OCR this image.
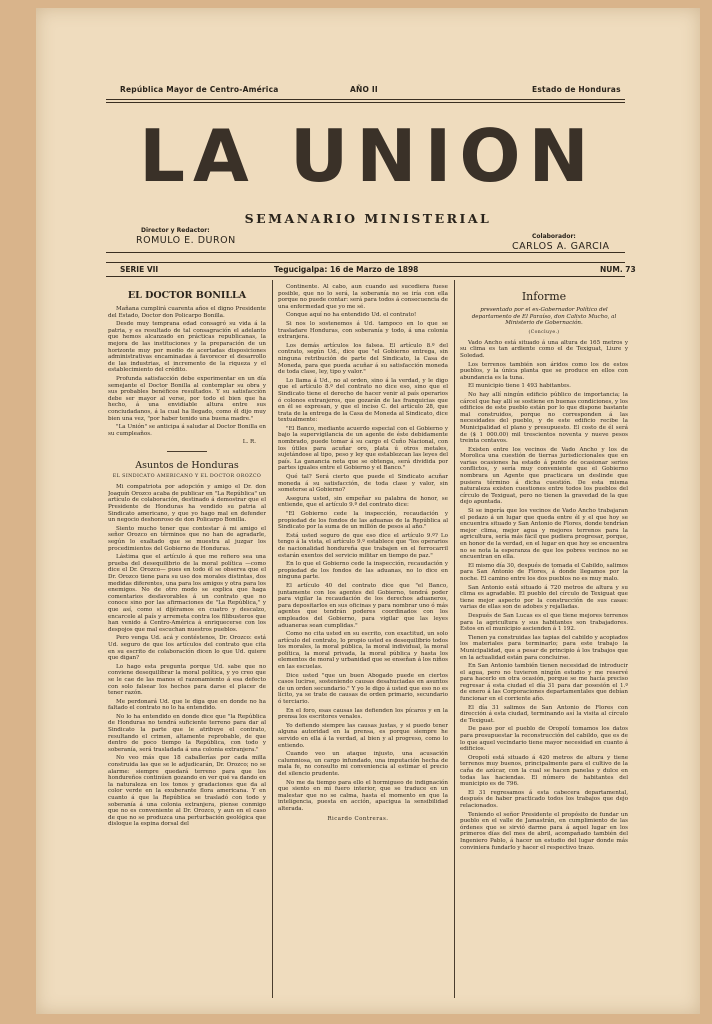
República Mayor de Centro-América	AÑO II	Estado de Honduras
LA UNION
SEMANARIO MINISTERIAL
Director y Redactor:
ROMULO E. DURON	Colaborador:
CARLOS A. GARCIA
SERIE VII	Tegucigalpa: 16 de Marzo de 1898	NUM. 73
EL DOCTOR BONILLA

Mañana cumplirá cuarenta años el digno Presidente del Estado, Doctor don Policarpo Bonilla.

Desde muy temprana edad consagró su vida á la patria, y es resultado de tal consagración el adelanto que hemos alcanzado en prácticas republicanas, la mejora de las instituciones y la preparación de un horizonte muy por medio de acertadas disposiciones administrativas encaminadas á favorecer el desarrollo de las industrias, el incremento de la riqueza y el establecimiento del crédito.

Profunda satisfacción debe experimentar en un día semejante el Doctor Bonilla al contemplar su obra y sus probables benéficos resultados. Y su satisfacción debe ser mayor al verse, por todo el bien que ha hecho, á una envidiable altura entre sus conciudadanos, á la cual ha llegado, como él dijo muy bien una vez, "por haber tenido una buena madre."

"La Unión" se anticipa á saludar al Doctor Bonilla en su cumpleaños.

L. R.
Asuntos de Honduras
EL SINDICATO AMERICANO Y EL DOCTOR OROZCO

Mi compatriota por adopción y amigo el Dr. don Joaquín Orozco acaba de publicar en "La República" un artículo de colaboración, destinado á demostrar que el Presidente de Honduras ha vendido su patria al Sindicato americano, y que yo hago mal en defender un negocio deshonroso de don Policarpo Bonilla.

Siento mucho tener que contestar á mi amigo el señor Orozco en términos que no han de agradarle, según lo exaltado que se muestra al juzgar los procedimientos del Gobierno de Honduras.

Lástima que el artículo á que me refiero sea una prueba del desequilibrio de la moral política —como dice el Dr. Orozco— pues en todo él se observa que el Dr. Orozco tiene para su uso dos morales distintas, dos medidas diferentes, una para los amigos y otra para los enemigos. No de otro modo se explica que haga comentarios desfavorables á un contrato que no conoce sino por las afirmaciones de "La República," y que así, como si dijéramos en cuatro y descalzo, encarcele al país y arremeta contra los filibusteros que han venido á Centro-América á enriquecerse con los despojos que mal escuchan nuestros pueblos.

Pero venga Ud. acá y contéstenos, Dr. Orozco: está Ud. seguro de que los artículos del contrato que cita en su escrito de colaboración dicen lo que Ud. quiere que digan?

Lo hago esta pregunta porque Ud. sabe que no conviene desequilibrar la moral política, y yo creo que se le cae de las manos el razonamiento á esa defecto con solo falsear los hechos para darse el placer de tener razón.

Me perdonará Ud. que le diga que en donde no ha faltado el contrato no lo ha entendido.

No lo ha entendido en donde dice que "la República de Honduras no tendrá suficiente terreno para dar al Sindicato la parte que le atribuye el contrato, resultando el crimen, altamente reprobable, de que dentro de poco tiempo la República, con todo y soberanía, será trasladada á una colonia extranjera."

No veo más que 18 caballerías por cada milla construida las que se le adjudicarán, Dr. Orozco; no se alarme: siempre quedará terreno para que los hondureños continúen gozando en ver qué va dando en la naturaleza en los tonos y gradaciones que da al color verde en la exuberante flora americana. Y en cuanto á que la República se trasladó con todo y soberanía á una colonia extranjera, piense conmigo que no es conveniente al Dr. Orozco, y aun en el caso de que no se produzca una perturbación geológica que disloque la espina dorsal del

Continente. Al cabo, aun cuando así sucediera fuese posible, que no lo será, la soberanía no se iría con ella porque no puede contar: será para todos á consecuencia de una enfermedad que yo me sé.

Conque aquí no ha entendido Ud. el contrato!

Si nos lo sostenemos á Ud. tampoco en lo que se trasladare Honduras, con soberanía y todo, á una colonia extranjera.

Los demás artículos los falsea. El artículo 8.º del contrato, según Ud., dice que "el Gobierno entrega, sin ninguna retribución de parte del Sindicato, la Casa de Moneda, para que pueda acuñar á su satisfacción moneda de toda clase, ley, tipo y valor."

Lo llama á Ud., no al orden, sino á la verdad, y le digo que el artículo 8.º del contrato no dice eso, sino que el Sindicato tiene el derecho de hacer venir al país operarios ó colonos extranjeros, que gozarán de las franquicias que en él se expresan, y que el inciso C. del artículo 28, que trata de la entrega de la Casa de Moneda al Sindicato, dice textualmente:

"El Banco, mediante acuerdo especial con el Gobierno y bajo la supervigilancia de un agente de éste debidamente nombrado, puede tomar á su cargo el Cuño Nacional, con los útiles para acuñar oro, plata ú otros metales, sujetándose al tipo, peso y ley que establezcan las leyes del país. La ganancia neta que se obtenga, será dividida por partes iguales entre el Gobierno y el Banco."

Qué tal? Será cierto que puede el Sindicato acuñar moneda á su satisfacción, de toda clase y valor, sin someterse al Gobierno?

Asegura usted, sin empeñar su palabra de honor, se entiende, que el artículo 9.º del contrato dice:

"El Gobierno cede la inspección, recaudación y propiedad de los fondos de las aduanas de la República al Sindicato por la suma de un millón de pesos al año."

Está usted seguro de que eso dice el artículo 9.º? Lo tengo á la vista, el artículo 9.º establece que "los operarios de nacionalidad hondureña que trabajen en el ferrocarril estarán exentos del servicio militar en tiempo de paz."

En lo que el Gobierno cede la inspección, recaudación y propiedad de los fondos de las aduanas, no lo dice en ninguna parte.

El artículo 40 del contrato dice que "el Banco, juntamente con los agentes del Gobierno, tendrá poder para vigilar la recaudación de los derechos aduaneros, para depositarlos en sus oficinas y para nombrar uno ó más agentes que tendrán poderes coordinados con los empleados del Gobierno, para vigilar que las leyes aduaneras sean cumplidas."

Como no cita usted en su escrito, con exactitud, un solo artículo del contrato, lo propio usted es desequilibrio todos los morales, la moral pública, la moral individual, la moral política, la moral privada, la moral pública y hasta los elementos de moral y urbanidad que se enseñan á los niños en las escuelas.

Dice usted "que un buen Abogado puede en ciertos casos lucirse, sosteniendo causas desahuciadas en asuntos de un orden secundario." Y yo le digo á usted que eso no es lícito, ya se trate de causas de orden primario, secundario ó terciario.

En el foro, esas causas las defienden los pícaros y en la prensa los escritores venales.

Yo defiendo siempre las causas justas, y si puedo tener alguna autoridad en la prensa, es porque siempre he servido en ella á la verdad, al bien y al progreso, como lo entiendo.

Cuando veo un ataque injusto, una acusación calumniosa, un cargo infundado, una imputación hecha de mala fe, no consulto mi conveniencia al estimar el precio del silencio prudente.

No me da tiempo para ello el hormigueo de indignación que siento en mi fuero interior, que se traduce en un malestar que no se calma, hasta el momento en que la inteligencia, puesta en acción, apacigua la sensibilidad alterada.

Ricardo Contreras.
Informe
presentado por el ex-Gobernador Político del departamento de El Paraíso, don Calixto Mucho, al Ministerio de Gobernación.
(Concluye.)

Vado Ancho está situado á una altura de 165 metros y su clima es tan ardiente como el de Texiguat, Liure y Soledad.

Los terrenos también son áridos como los de estos pueblos, y la única planta que se produce en ellos con abundancia es la tuna.

El municipio tiene 1 493 habitantes.

No hay allí ningún edificio público de importancia; la cárcel que hay allí se sostiene en buenas condiciones, y los edificios de este pueblo están por lo que dispone bastante mal construidos, porque no corresponden á las necesidades del pueblo, y de este edificio recibe la Municipalidad el plano y presupuesto. El costo de él será de ($ 1 000.00) mil trescientos noventa y nueve pesos treinta centavos.

Existen entre los vecinos de Vado Ancho y los de Morolica una cuestión de tierras jurisdiccionales que en varias ocasiones ha estado á punto de ocasionar serios conflictos, y sería muy conveniente que el Gobierno nombrara un Agente que practicara un deslinde que pusiera término á dicha cuestión. De esta misma naturaleza existen cuestiones entre todos los pueblos del círculo de Texiguat, pero no tienen la gravedad de la que dejo apuntada.

Si se ingería que los vecinos de Vado Ancho trabajaran el pedazo á un lugar que queda entre él y el que hoy se encuentra situado y San Antonio de Flores, donde tendrían mejor clima, mejor agua y mejores terrenos para la agricultura, sería más fácil que pudiera progresar, porque, en honor de la verdad, en el lugar en que hoy se encuentra no se nota la esperanza de que los pobres vecinos no se encuentran en ella.

El mismo día 30, después de tomada el Cabildo, salimos para San Antonio de Flores, á donde llegamos por la noche. El camino entre los dos pueblos no es muy malo.

San Antonio está situado á 720 metros de altura y su clima es agradable. El pueblo del círculo de Texiguat que tiene mejor aspecto por la construcción de sus casas: varias de ellas son de adobes y rejalladas.

Después de San Lucas es el que tiene mejores terrenos para la agricultura y sus habitantes son trabajadores. Estos en el municipio ascienden á 1 192.

Tienen ya construidas las tapias del cabildo y acopiados los materiales para terminarlo; para este trabajo la Municipalidad, que a pesar de principio á los trabajos que en la actualidad están para concluirse.

En San Antonio también tienen necesidad de introducir el agua, pero no tuvieron ningún estudio y me reservé para hacerlo en otra ocasión, porque se me hacía preciso regresar á esta ciudad el día 31 para dar posesión el 1.º de enero á las Corporaciones departamentales que debían funcionar en el corriente año.

El día 31 salimos de San Antonio de Flores con dirección á esta ciudad, terminando así la visita al círculo de Texiguat.

De paso por el pueblo de Oropolí tomamos los datos para presupuestar la reconstrucción del cabildo, que es de lo que aquel vecindario tiene mayor necesidad en cuanto á edificios.

Oropolí está situado á 420 metros de altura y tiene terrenos muy buenos, principalmente para el cultivo de la caña de azúcar, con la cual se hacen panelas y dulce en todas las haciendas. El número de habitantes del municipio es de 796.

El 31 regresamos á esta cabecera departamental, después de haber practicado todos los trabajos que dejo relacionados.

Teniendo el señor Presidente el propósito de fundar un pueblo en el valle de Jamastrán, en cumplimiento de las órdenes que se sirvió darme para á aquel lugar en los primeros días del mes de abril, acompañado también del Ingeniero Pablo, á hacer un estudio del lugar donde más conviniera fundarlo y hacer el respectivo trazo.
